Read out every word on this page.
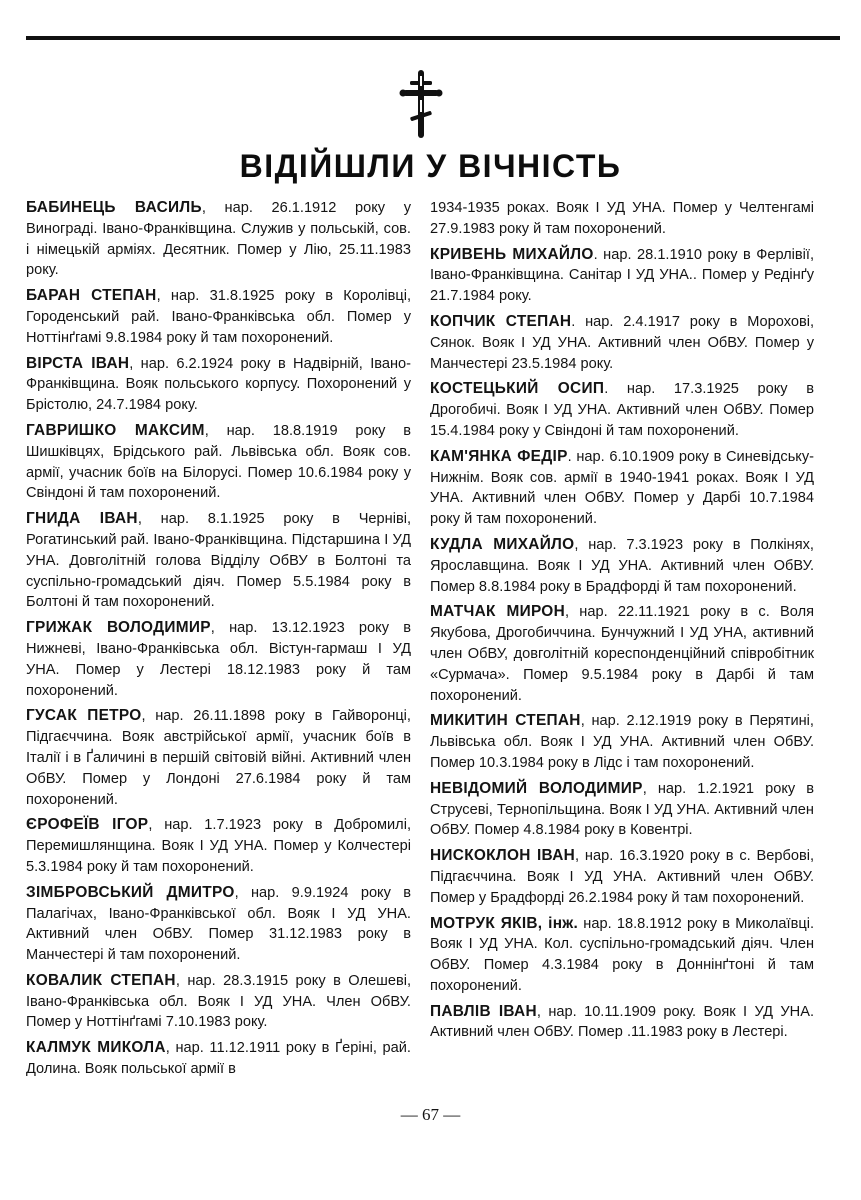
ВІДІЙШЛИ У ВІЧНІСТЬ

БАБИНЕЦЬ ВАСИЛЬ, нар. 26.1.1912 року у Винограді. Івано-Франківщина. Служив у польській, сов. і німецькій арміях. Десятник. Помер у Лію, 25.11.1983 року.

БАРАН СТЕПАН, нар. 31.8.1925 року в Королівці, Городенський рай. Івано-Франківська обл. Помер у Ноттінґгамі 9.8.1984 року й там похоронений.

ВІРСТА ІВАН, нар. 6.2.1924 року в Надвірній, Івано-Франківщина. Вояк польського корпусу. Похоронений у Брістолю, 24.7.1984 року.

ГАВРИШКО МАКСИМ, нар. 18.8.1919 року в Шишківцях, Брідського рай. Львівська обл. Вояк сов. армії, учасник боїв на Білорусі. Помер 10.6.1984 року у Свіндоні й там похоронений.

ГНИДА ІВАН, нар. 8.1.1925 року в Черніві, Рогатинський рай. Івано-Франківщина. Підстаршина І УД УНА. Довголітній голова Відділу ОбВУ в Болтоні та суспільно-громадський діяч. Помер 5.5.1984 року в Болтоні й там похоронений.

ГРИЖАК ВОЛОДИМИР, нар. 13.12.1923 року в Нижневі, Івано-Франківська обл. Вістун-гармаш І УД УНА. Помер у Лестері 18.12.1983 року й там похоронений.

ГУСАК ПЕТРО, нар. 26.11.1898 року в Гайворонці, Підгаєччина. Вояк австрійської армії, учасник боїв в Італії і в Ґаличині в першій світовій війні. Активний член ОбВУ. Помер у Лондоні 27.6.1984 року й там похоронений.

ЄРОФЕЇВ ІГОР, нар. 1.7.1923 року в Добромилі, Перемишлянщина. Вояк І УД УНА. Помер у Колчестері 5.3.1984 року й там похоронений.

ЗІМБРОВСЬКИЙ ДМИТРО, нар. 9.9.1924 року в Палагічах, Івано-Франківської обл. Вояк І УД УНА. Активний член ОбВУ. Помер 31.12.1983 року в Манчестері й там похоронений.

КОВАЛИК СТЕПАН, нар. 28.3.1915 року в Олешеві, Івано-Франківська обл. Вояк І УД УНА. Член ОбВУ. Помер у Ноттінґгамі 7.10.1983 року.

КАЛМУК МИКОЛА, нар. 11.12.1911 року в Ґеріні, рай. Долина. Вояк польської армії в

1934-1935 роках. Вояк І УД УНА. Помер у Челтенгамі 27.9.1983 року й там похоронений.

КРИВЕНЬ МИХАЙЛО. нар. 28.1.1910 року в Ферлівії, Івано-Франківщина. Санітар І УД УНА.. Помер у Редінґу 21.7.1984 року.

КОПЧИК СТЕПАН. нар. 2.4.1917 року в Морохові, Сянок. Вояк І УД УНА. Активний член ОбВУ. Помер у Манчестері 23.5.1984 року.

КОСТЕЦЬКИЙ ОСИП. нар. 17.3.1925 року в Дрогобичі. Вояк І УД УНА. Активний член ОбВУ. Помер 15.4.1984 року у Свіндоні й там похоронений.

КАМ'ЯНКА ФЕДІР. нар. 6.10.1909 року в Синевідську-Нижнім. Вояк сов. армії в 1940-1941 роках. Вояк І УД УНА. Активний член ОбВУ. Помер у Дарбі 10.7.1984 року й там похоронений.

КУДЛА МИХАЙЛО, нар. 7.3.1923 року в Полкінях, Ярославщина. Вояк І УД УНА. Активний член ОбВУ. Помер 8.8.1984 року в Брадфорді й там похоронений.

МАТЧАК МИРОН, нар. 22.11.1921 року в с. Воля Якубова, Дрогобиччина. Бунчужний І УД УНА, активний член ОбВУ, довголітній кореспонденційний співробітник «Сурмача». Помер 9.5.1984 року в Дарбі й там похоронений.

МИКИТИН СТЕПАН, нар. 2.12.1919 року в Перятині, Львівська обл. Вояк І УД УНА. Активний член ОбВУ. Помер 10.3.1984 року в Лідс і там похоронений.

НЕВІДОМИЙ ВОЛОДИМИР, нар. 1.2.1921 року в Струсеві, Тернопільщина. Вояк І УД УНА. Активний член ОбВУ. Помер 4.8.1984 року в Ковентрі.

НИСКОКЛОН ІВАН, нар. 16.3.1920 року в с. Вербові, Підгаєччина. Вояк І УД УНА. Активний член ОбВУ. Помер у Брадфорді 26.2.1984 року й там похоронений.

МОТРУК ЯКІВ, інж. нар. 18.8.1912 року в Миколаївці. Вояк І УД УНА. Кол. суспільно-громадський діяч. Член ОбВУ. Помер 4.3.1984 року в Доннінґтоні й там похоронений.

ПАВЛІВ ІВАН, нар. 10.11.1909 року. Вояк І УД УНА. Активний член ОбВУ. Помер .11.1983 року в Лестері.

— 67 —
